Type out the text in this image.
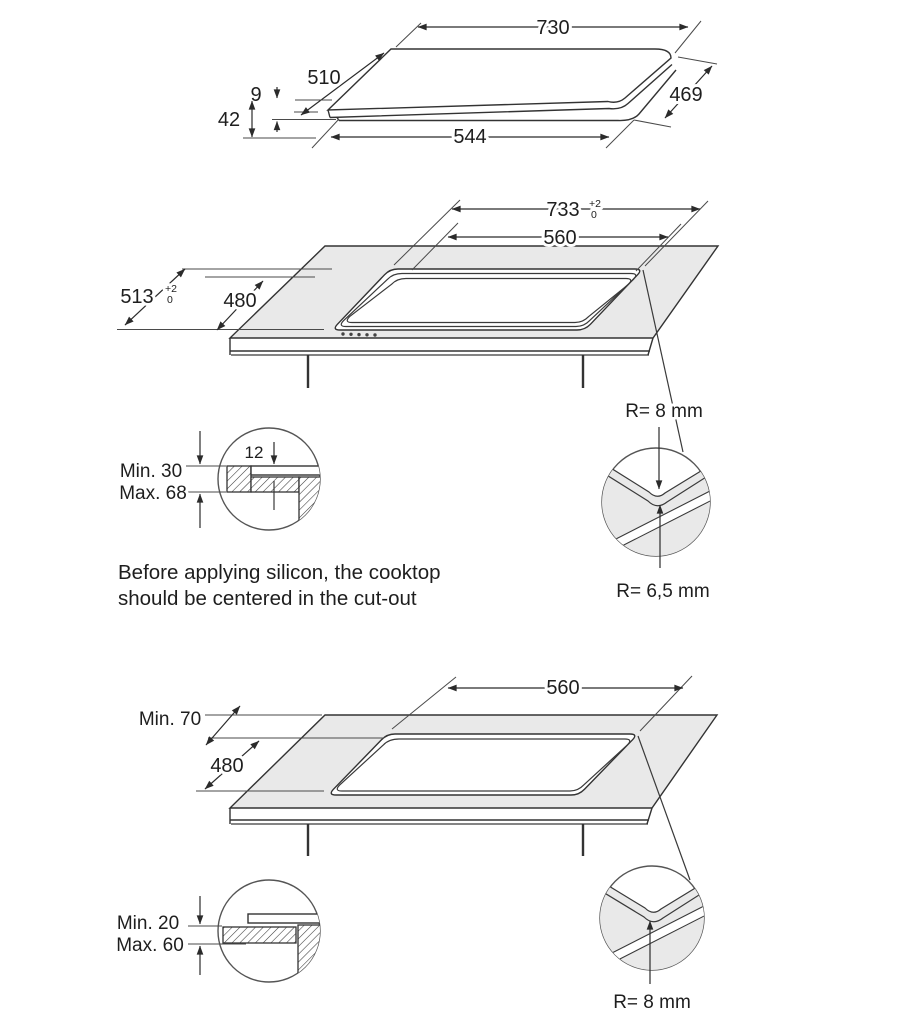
730
510
469
9
42
544
733 +2
0
560
513 +2
0	480
R= 8 mm
R= 6,5 mm
12
Min. 30
Max. 68
Before applying silicon, the cooktop
should be centered in the cut-out
560
Min. 70
480
Min. 20
Max. 60
R= 8 mm
